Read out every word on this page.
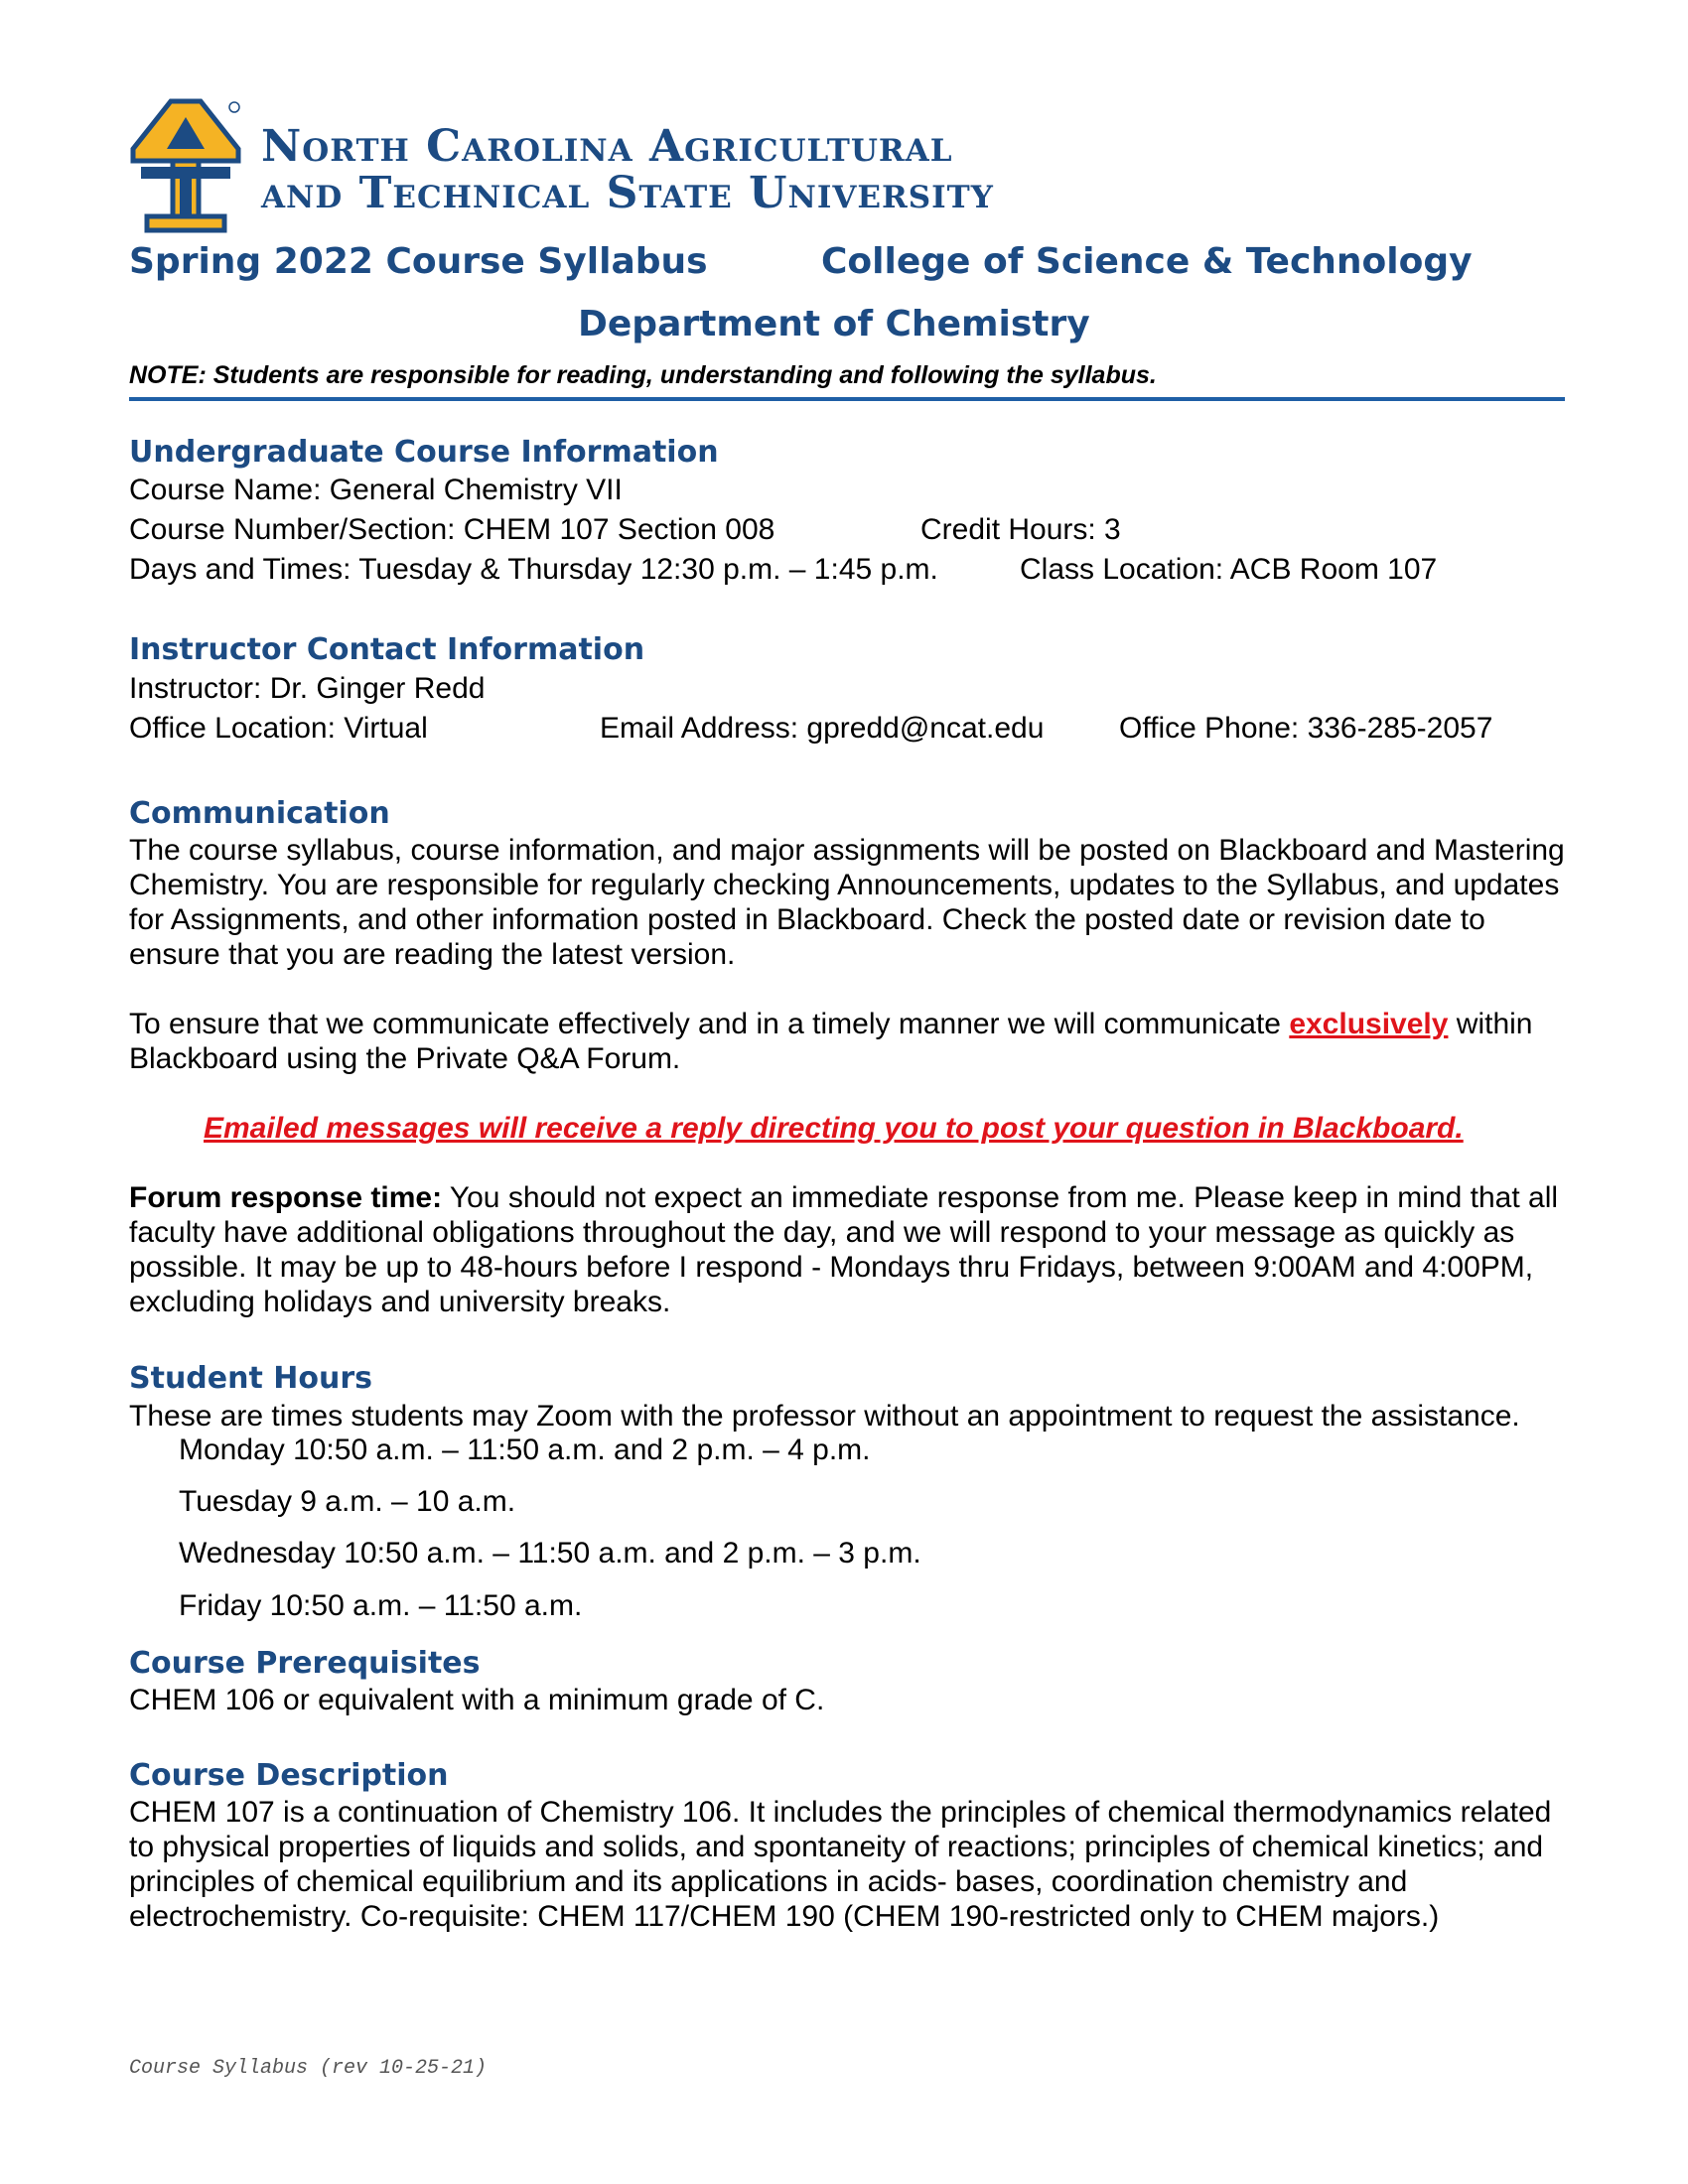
North Carolina Agricultural
and Technical State University
Spring 2022 Course Syllabus	College of Science & Technology
Department of Chemistry
NOTE: Students are responsible for reading, understanding and following the syllabus.
Undergraduate Course Information
Course Name: General Chemistry VII
Course Number/Section: CHEM 107 Section 008	Credit Hours: 3
Days and Times: Tuesday & Thursday 12:30 p.m. – 1:45 p.m.	Class Location: ACB Room 107
Instructor Contact Information
Instructor: Dr. Ginger Redd
Office Location: Virtual	Email Address: gpredd@ncat.edu	Office Phone: 336-285-2057
Communication
The course syllabus, course information, and major assignments will be posted on Blackboard and Mastering Chemistry. You are responsible for regularly checking Announcements, updates to the Syllabus, and updates for Assignments, and other information posted in Blackboard. Check the posted date or revision date to ensure that you are reading the latest version.
To ensure that we communicate effectively and in a timely manner we will communicate exclusively within Blackboard using the Private Q&A Forum.
Emailed messages will receive a reply directing you to post your question in Blackboard.
Forum response time: You should not expect an immediate response from me. Please keep in mind that all faculty have additional obligations throughout the day, and we will respond to your message as quickly as possible. It may be up to 48-hours before I respond - Mondays thru Fridays, between 9:00AM and 4:00PM, excluding holidays and university breaks.
Student Hours
These are times students may Zoom with the professor without an appointment to request the assistance.
Monday 10:50 a.m. – 11:50 a.m. and 2 p.m. – 4 p.m.
Tuesday 9 a.m. – 10 a.m.
Wednesday 10:50 a.m. – 11:50 a.m. and 2 p.m. – 3 p.m.
Friday 10:50 a.m. – 11:50 a.m.
Course Prerequisites
CHEM 106 or equivalent with a minimum grade of C.
Course Description
CHEM 107 is a continuation of Chemistry 106. It includes the principles of chemical thermodynamics related to physical properties of liquids and solids, and spontaneity of reactions; principles of chemical kinetics; and principles of chemical equilibrium and its applications in acids- bases, coordination chemistry and electrochemistry. Co-requisite: CHEM 117/CHEM 190 (CHEM 190-restricted only to CHEM majors.)
Course Syllabus (rev 10-25-21)
